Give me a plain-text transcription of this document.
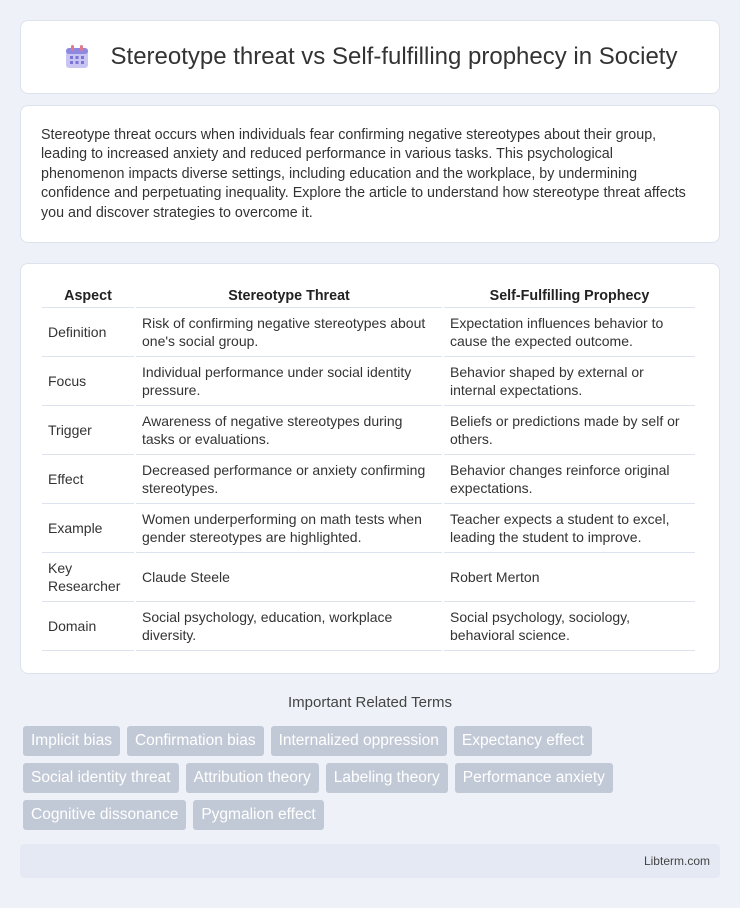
Stereotype threat vs Self-fulfilling prophecy in Society

Stereotype threat occurs when individuals fear confirming negative stereotypes about their group, leading to increased anxiety and reduced performance in various tasks. This psychological phenomenon impacts diverse settings, including education and the workplace, by undermining confidence and perpetuating inequality. Explore the article to understand how stereotype threat affects you and discover strategies to overcome it.

Aspect	Stereotype Threat	Self-Fulfilling Prophecy
Definition	Risk of confirming negative stereotypes about one's social group.	Expectation influences behavior to cause the expected outcome.
Focus	Individual performance under social identity pressure.	Behavior shaped by external or internal expectations.
Trigger	Awareness of negative stereotypes during tasks or evaluations.	Beliefs or predictions made by self or others.
Effect	Decreased performance or anxiety confirming stereotypes.	Behavior changes reinforce original expectations.
Example	Women underperforming on math tests when gender stereotypes are highlighted.	Teacher expects a student to excel, leading the student to improve.
Key Researcher	Claude Steele	Robert Merton
Domain	Social psychology, education, workplace diversity.	Social psychology, sociology, behavioral science.
Important Related Terms
Implicit bias	Confirmation bias	Internalized oppression	Expectancy effect
Social identity threat	Attribution theory	Labeling theory	Performance anxiety
Cognitive dissonance	Pygmalion effect
Libterm.com
